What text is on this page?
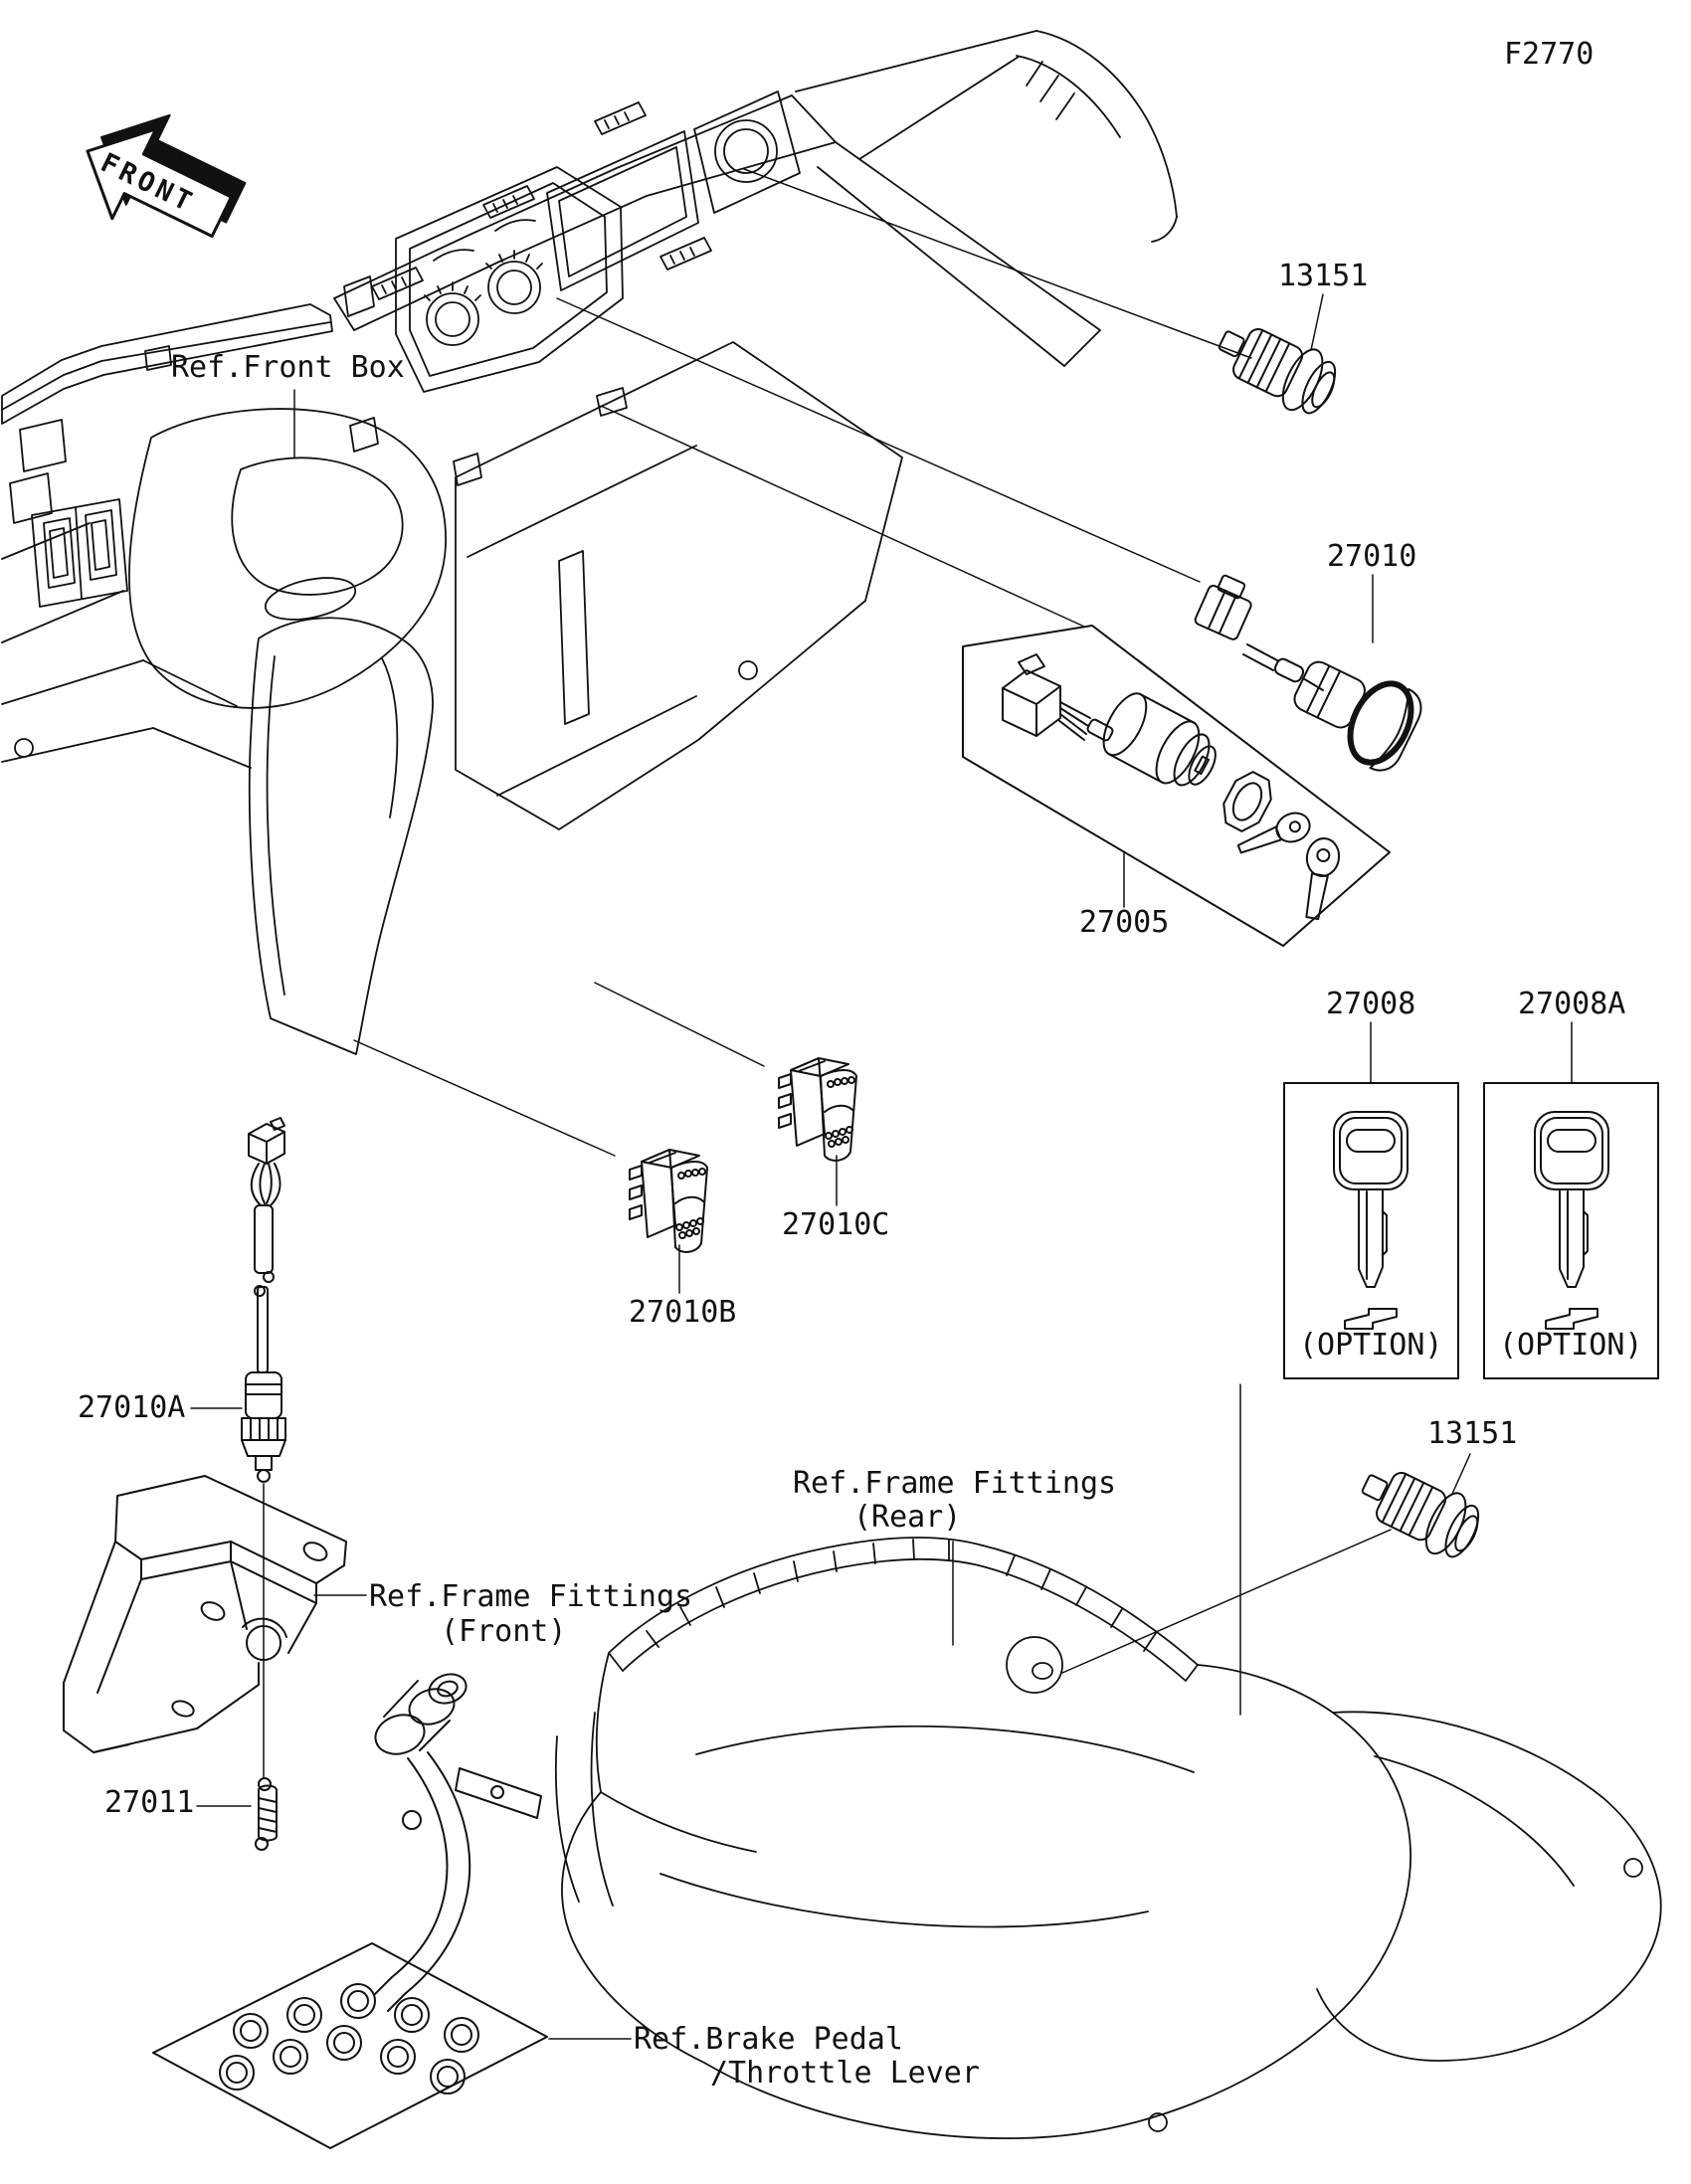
FRONT
F2770
Ref.Front Box
13151
27010
27005
27008	27008A
(OPTION) (OPTION)
27010C
27010B
27010A
Ref.Frame Fittings
(Rear)
Ref.Frame Fittings
(Front)
27011
Ref.Brake Pedal
/Throttle Lever
13151
